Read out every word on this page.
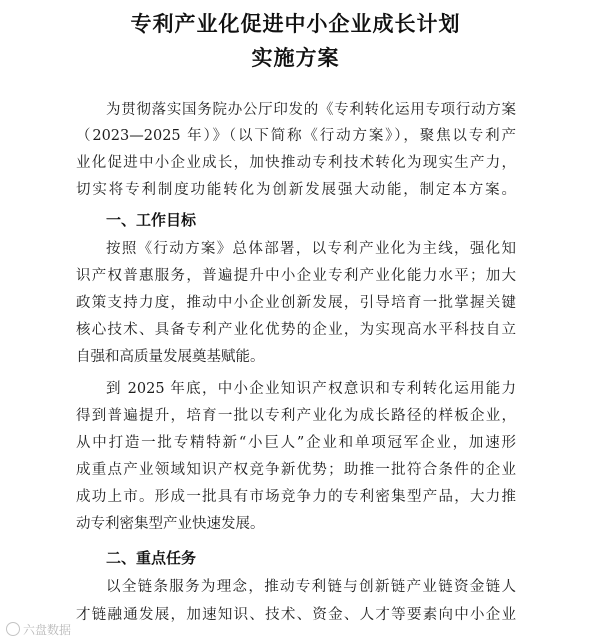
专利产业化促进中小企业成长计划
实施方案
为贯彻落实国务院办公厅印发的《专利转化运用专项行动方案
（2023—2025 年）》（以下简称《行动方案》），聚焦以专利产
业化促进中小企业成长，加快推动专利技术转化为现实生产力，
切实将专利制度功能转化为创新发展强大动能，制定本方案。
一、工作目标
按照《行动方案》总体部署，以专利产业化为主线，强化知
识产权普惠服务，普遍提升中小企业专利产业化能力水平；加大
政策支持力度，推动中小企业创新发展，引导培育一批掌握关键
核心技术、具备专利产业化优势的企业，为实现高水平科技自立
自强和高质量发展奠基赋能。
到 2025 年底，中小企业知识产权意识和专利转化运用能力
得到普遍提升，培育一批以专利产业化为成长路径的样板企业，
从中打造一批专精特新“小巨人”企业和单项冠军企业，加速形
成重点产业领域知识产权竞争新优势；助推一批符合条件的企业
成功上市。形成一批具有市场竞争力的专利密集型产品，大力推
动专利密集型产业快速发展。
二、重点任务
以全链条服务为理念，推动专利链与创新链产业链资金链人
才链融通发展，加速知识、技术、资金、人才等要素向中小企业
六盘数据
